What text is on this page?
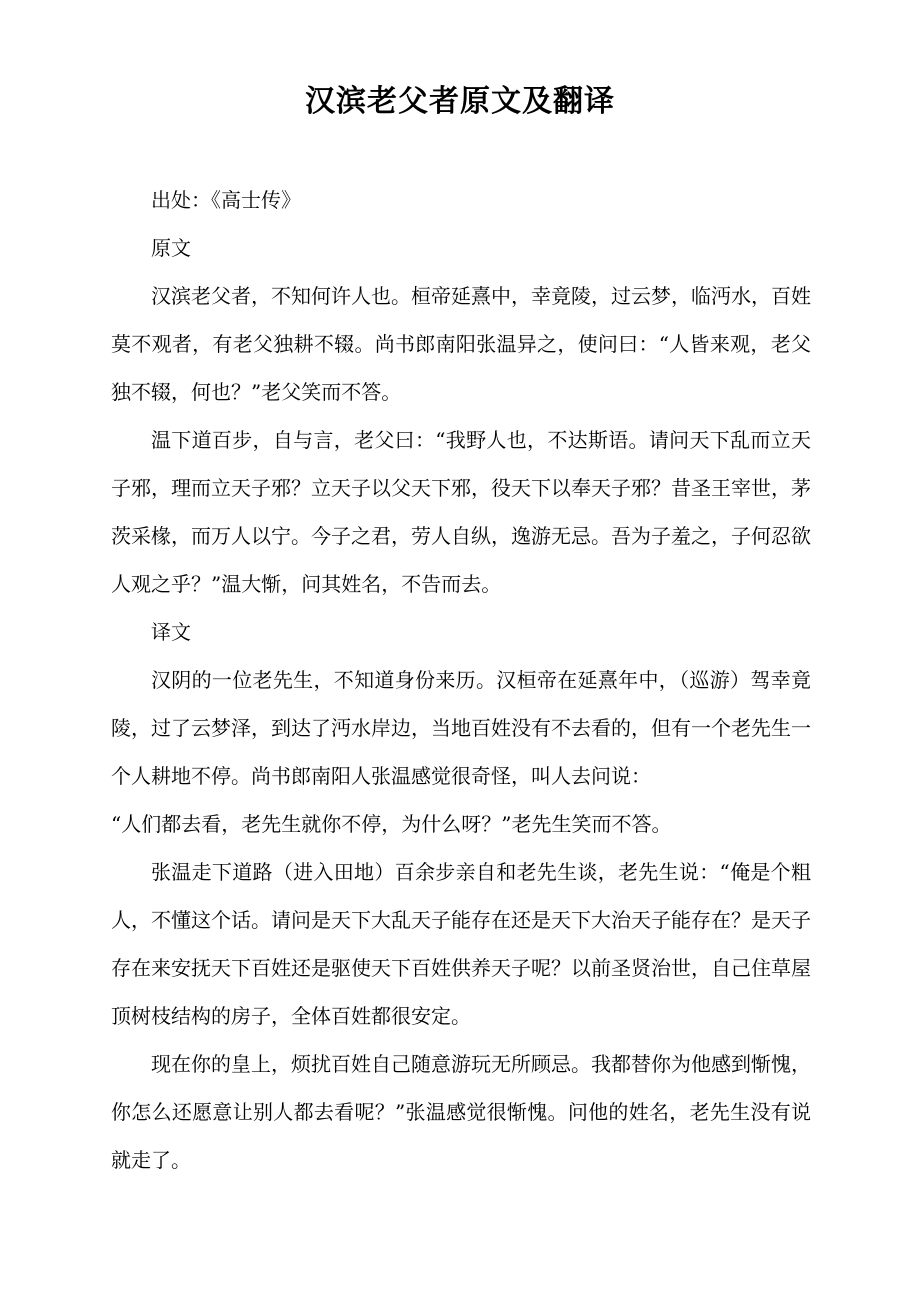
汉滨老父者原文及翻译

出处：《高士传》

原文

汉滨老父者，不知何许人也。桓帝延熹中，幸竟陵，过云梦，临沔水，百姓莫不观者，有老父独耕不辍。尚书郎南阳张温异之，使问曰：“人皆来观，老父独不辍，何也？”老父笑而不答。

温下道百步，自与言，老父曰：“我野人也，不达斯语。请问天下乱而立天子邪，理而立天子邪？立天子以父天下邪，役天下以奉天子邪？昔圣王宰世，茅茨采椽，而万人以宁。今子之君，劳人自纵，逸游无忌。吾为子羞之，子何忍欲人观之乎？”温大惭，问其姓名，不告而去。

译文

汉阴的一位老先生，不知道身份来历。汉桓帝在延熹年中，（巡游）驾幸竟陵，过了云梦泽，到达了沔水岸边，当地百姓没有不去看的，但有一个老先生一个人耕地不停。尚书郎南阳人张温感觉很奇怪，叫人去问说：

“人们都去看，老先生就你不停，为什么呀？”老先生笑而不答。

张温走下道路（进入田地）百余步亲自和老先生谈，老先生说：“俺是个粗人，不懂这个话。请问是天下大乱天子能存在还是天下大治天子能存在？是天子存在来安抚天下百姓还是驱使天下百姓供养天子呢？以前圣贤治世，自己住草屋顶树枝结构的房子，全体百姓都很安定。

现在你的皇上，烦扰百姓自己随意游玩无所顾忌。我都替你为他感到惭愧，你怎么还愿意让别人都去看呢？”张温感觉很惭愧。问他的姓名，老先生没有说就走了。
